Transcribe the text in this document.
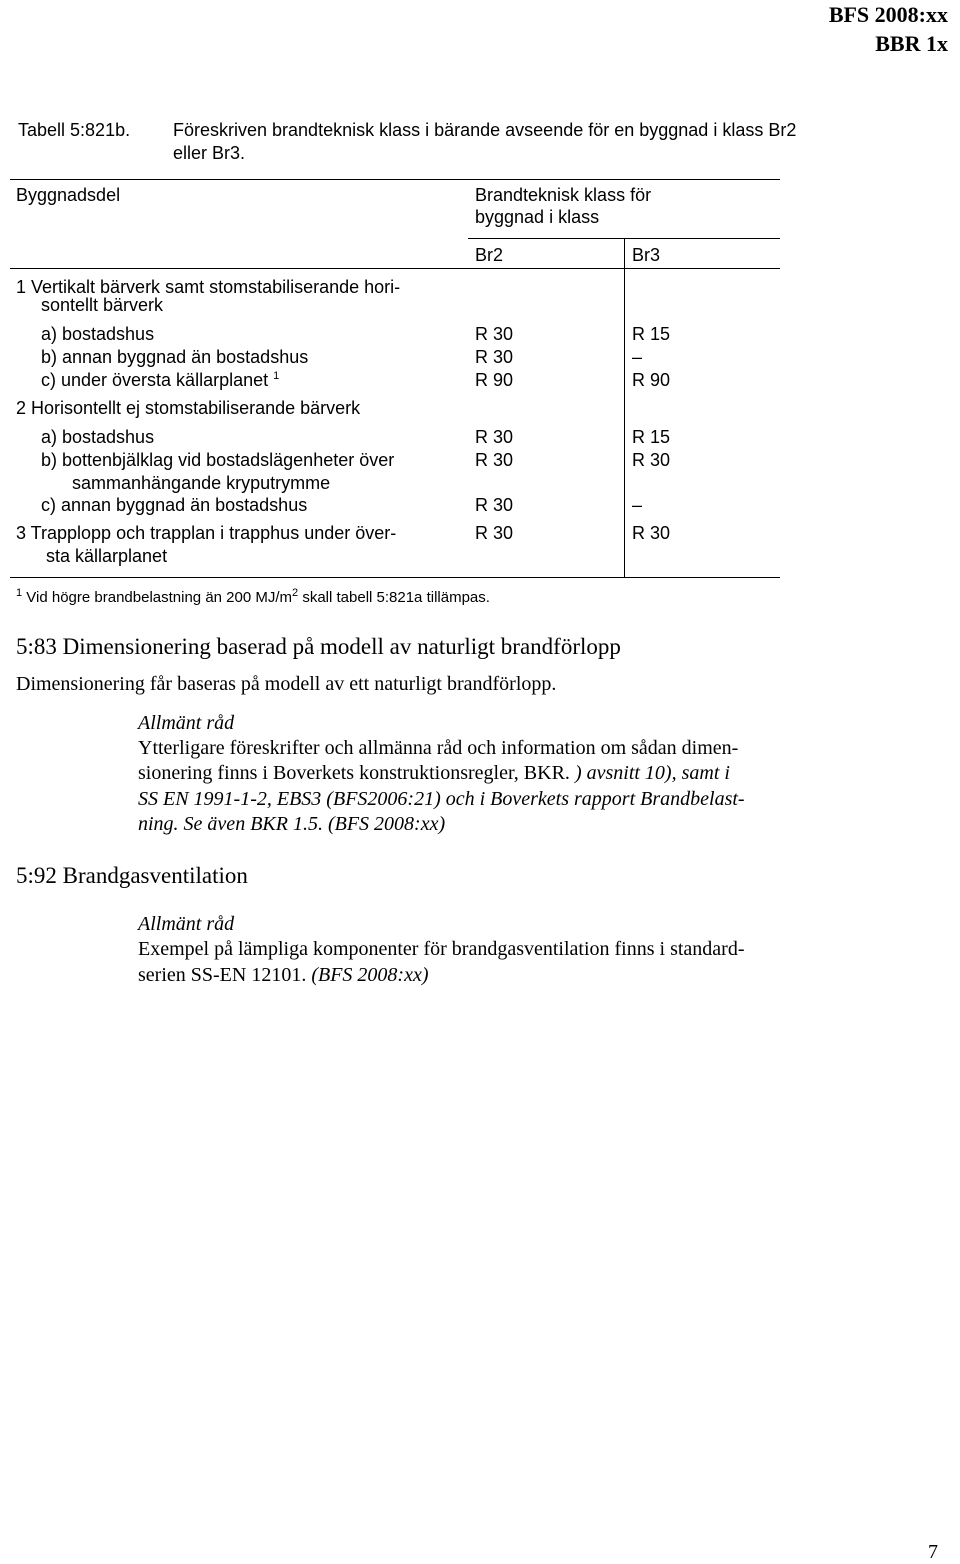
BFS 2008:xx
BBR 1x
Tabell 5:821b. Föreskriven brandteknisk klass i bärande avseende för en byggnad i klass Br2 eller Br3.
Byggnadsdel	Brandteknisk klass för
byggnad i klass
Br2	Br3
1 Vertikalt bärverk samt stomstabiliserande hori-
sontellt bärverk
a) bostadshus	R 30	R 15
b) annan byggnad än bostadshus	R 30	–
c) under översta källarplanet $^1$	R 90	R 90
2 Horisontellt ej stomstabiliserande bärverk
a) bostadshus	R 30	R 15
b) bottenbjälklag vid bostadslägenheter över	R 30	R 30
sammanhängande kryputrymme
c) annan byggnad än bostadshus	R 30	–
3 Trapplopp och trapplan i trapphus under över-	R 30	R 30
sta källarplanet
$^1$ Vid högre brandbelastning än 200 $MJ/m^2$ skall tabell 5:821a tillämpas.
5:83 Dimensionering baserad på modell av naturligt brandförlopp
Dimensionering får baseras på modell av ett naturligt brandförlopp.
Allmänt råd
Ytterligare föreskrifter och allmänna råd och information om sådan dimen-
sionering finns i Boverkets konstruktionsregler, BKR. ) avsnitt 10), samt i
SS EN 1991-1-2, EBS3 (BFS2006:21) och i Boverkets rapport Brandbelast-
ning. Se även BKR 1.5. (BFS 2008:xx)
5:92 Brandgasventilation
Allmänt råd
Exempel på lämpliga komponenter för brandgasventilation finns i standard-
serien SS-EN 12101. (BFS 2008:xx)
7
